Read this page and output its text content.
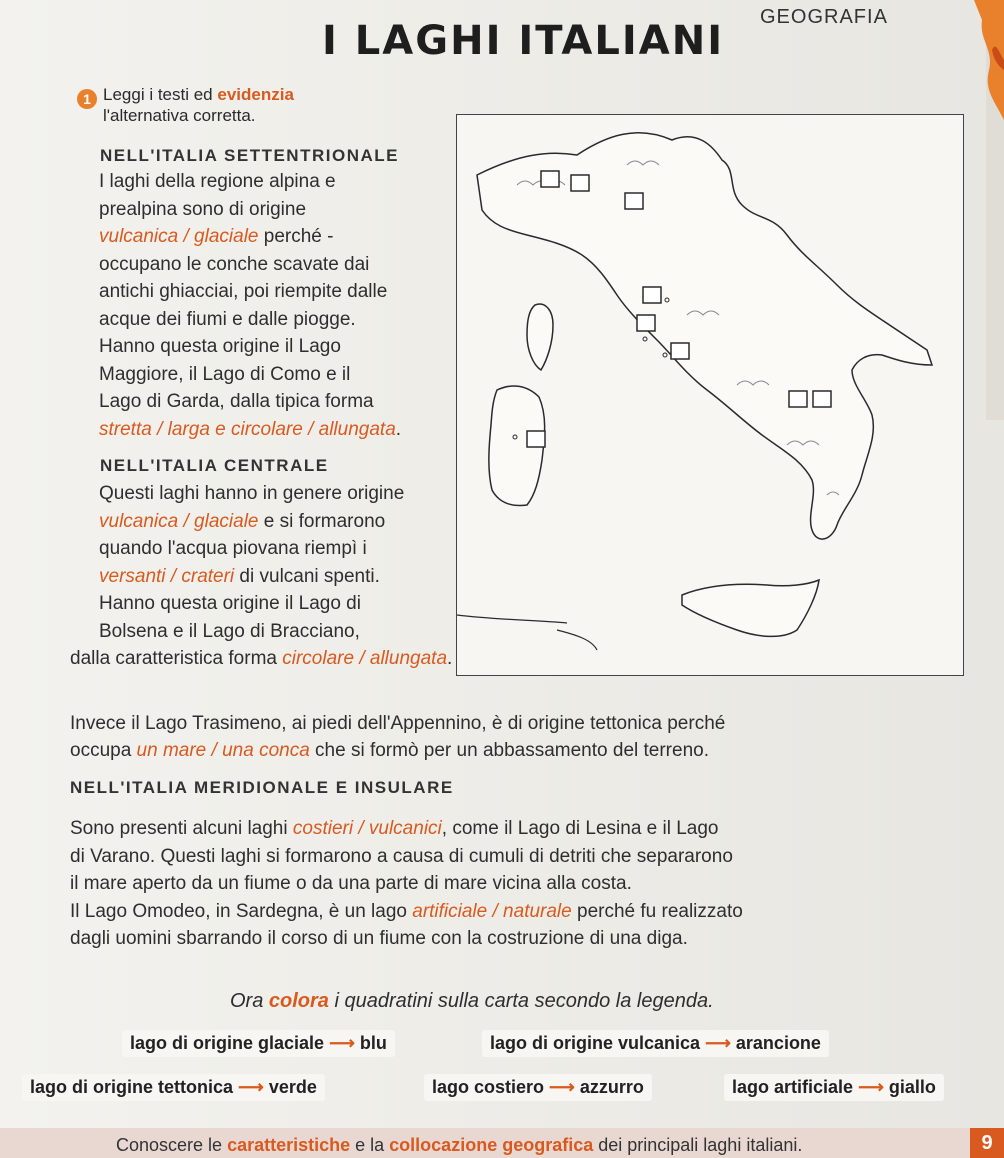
GEOGRAFIA
I LAGHI ITALIANI
1 Leggi i testi ed evidenzia l'alternativa corretta.
NELL'ITALIA SETTENTRIONALE
I laghi della regione alpina e
prealpina sono di origine
vulcanica / glaciale perché -
occupano le conche scavate dai
antichi ghiacciai, poi riempite dalle
acque dei fiumi e dalle piogge.
Hanno questa origine il Lago
Maggiore, il Lago di Como e il
Lago di Garda, dalla tipica forma
stretta / larga e circolare / allungata.
NELL'ITALIA CENTRALE
Questi laghi hanno in genere origine
vulcanica / glaciale e si formarono
quando l'acqua piovana riempì i
versanti / crateri di vulcani spenti.
Hanno questa origine il Lago di
Bolsena e il Lago di Bracciano,
dalla caratteristica forma circolare / allungata.
Invece il Lago Trasimeno, ai piedi dell'Appennino, è di origine tettonica perché
occupa un mare / una conca che si formò per un abbassamento del terreno.
NELL'ITALIA MERIDIONALE E INSULARE
Sono presenti alcuni laghi costieri / vulcanici, come il Lago di Lesina e il Lago
di Varano. Questi laghi si formarono a causa di cumuli di detriti che separarono
il mare aperto da un fiume o da una parte di mare vicina alla costa.
Il Lago Omodeo, in Sardegna, è un lago artificiale / naturale perché fu realizzato
dagli uomini sbarrando il corso di un fiume con la costruzione di una diga.
Ora colora i quadratini sulla carta secondo la legenda.
lago di origine glaciale ⟶ blu	lago di origine vulcanica ⟶ arancione
lago di origine tettonica ⟶ verde	lago costiero ⟶ azzurro	lago artificiale ⟶ giallo
Conoscere le caratteristiche e la collocazione geografica dei principali laghi italiani.	9
